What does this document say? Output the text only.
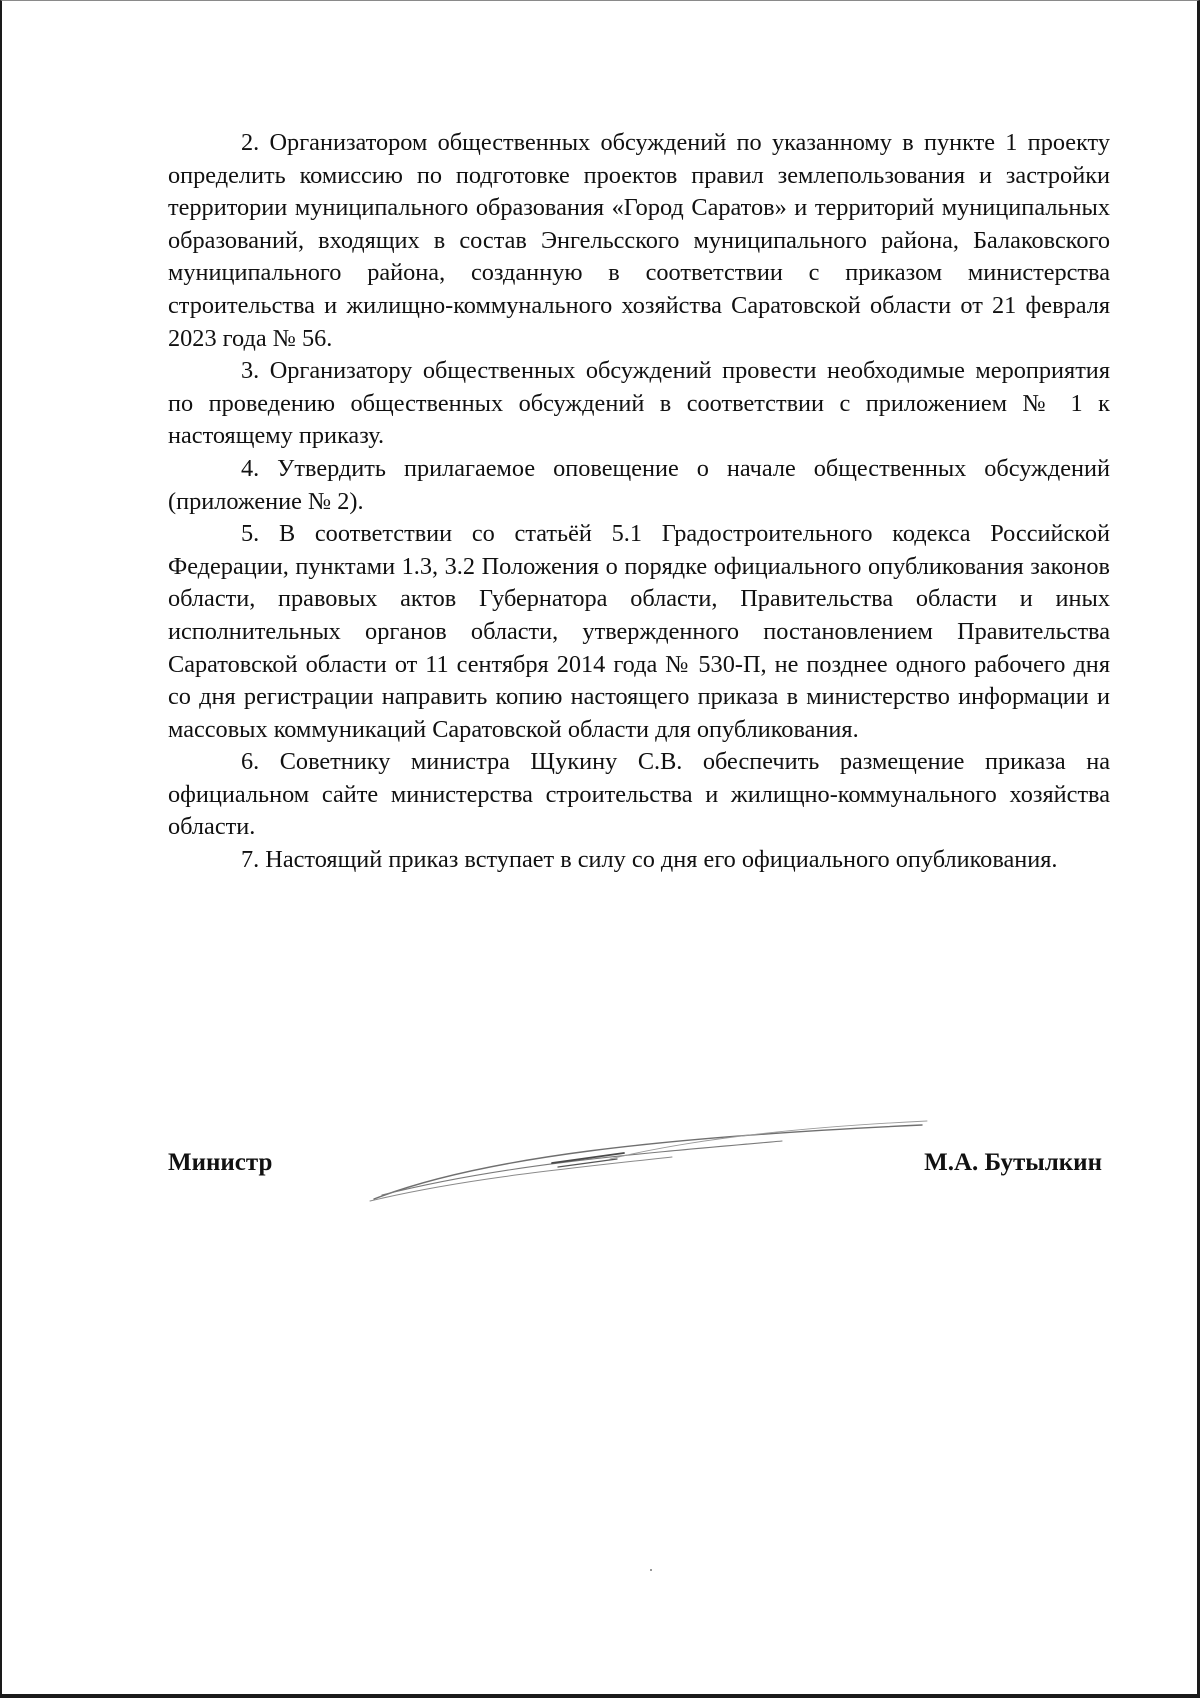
2. Организатором общественных обсуждений по указанному в пункте 1 проекту определить комиссию по подготовке проектов правил землепользования и застройки территории муниципального образования «Город Саратов» и территорий муниципальных образований, входящих в состав Энгельсского муниципального района, Балаковского муниципального района, созданную в соответствии с приказом министерства строительства и жилищно-коммунального хозяйства Саратовской области от 21 февраля 2023 года № 56.

3. Организатору общественных обсуждений провести необходимые мероприятия по проведению общественных обсуждений в соответствии с приложением № 1 к настоящему приказу.

4. Утвердить прилагаемое оповещение о начале общественных обсуждений (приложение № 2).

5. В соответствии со статьёй 5.1 Градостроительного кодекса Российской Федерации, пунктами 1.3, 3.2 Положения о порядке официального опубликования законов области, правовых актов Губернатора области, Правительства области и иных исполнительных органов области, утвержденного постановлением Правительства Саратовской области от 11 сентября 2014 года № 530-П, не позднее одного рабочего дня со дня регистрации направить копию настоящего приказа в министерство информации и массовых коммуникаций Саратовской области для опубликования.

6. Советнику министра Щукину С.В. обеспечить размещение приказа на официальном сайте министерства строительства и жилищно-коммунального хозяйства области.

7. Настоящий приказ вступает в силу со дня его официального опубликования.

Министр	М.А. Бутылкин
